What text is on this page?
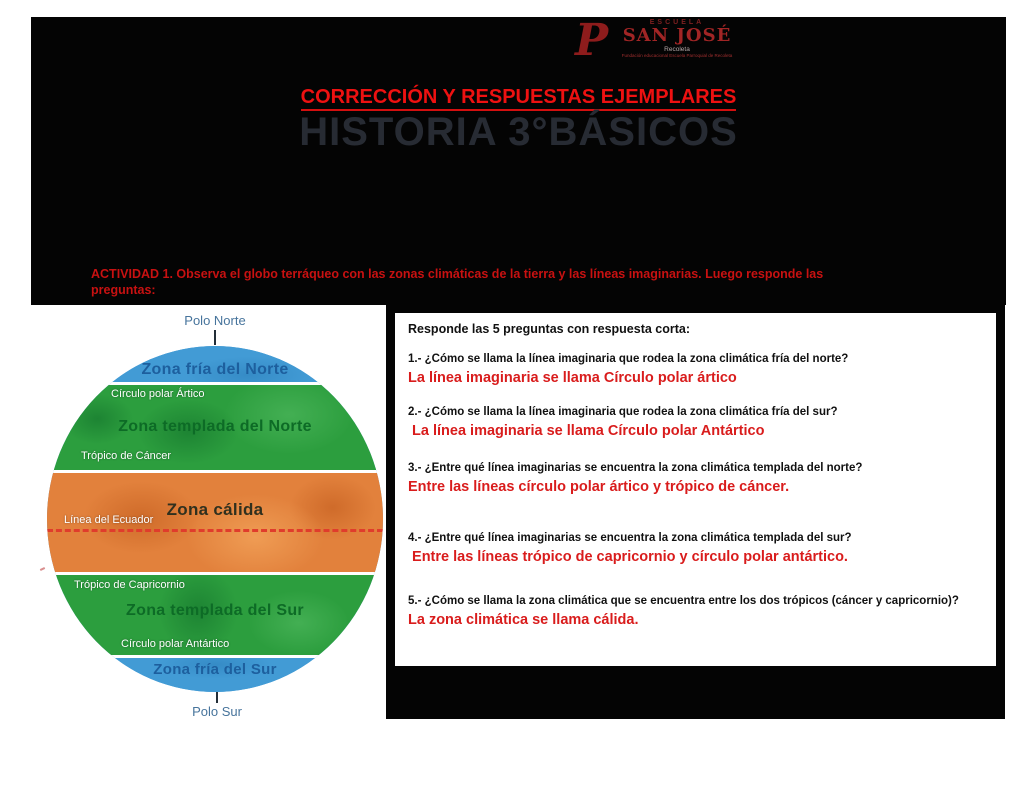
P	ESCUELA
SAN JOSÉ
Recoleta
Fundación educacional Escuela Parroquial de Recoleta
CORRECCIÓN Y RESPUESTAS EJEMPLARES
HISTORIA 3°BÁSICOS
ACTIVIDAD 1. Observa el globo terráqueo con las zonas climáticas de la tierra y las líneas imaginarias. Luego responde las preguntas:
Polo Norte
Zona fría del Norte
Zona templada del Norte
Zona cálida
Zona templada del Sur
Zona fría del Sur
Círculo polar Ártico
Trópico de Cáncer
Línea del Ecuador
Trópico de Capricornio
Círculo polar Antártico
Polo Sur
Responde las 5 preguntas con respuesta corta:
1.- ¿Cómo se llama la línea imaginaria que rodea la zona climática fría del norte?
La línea imaginaria se llama Círculo polar ártico
2.- ¿Cómo se llama la línea imaginaria que rodea la zona climática fría del sur?
La línea imaginaria se llama Círculo polar Antártico
3.- ¿Entre qué línea imaginarias se encuentra la zona climática templada del norte?
Entre las líneas círculo polar ártico y trópico de cáncer.
4.- ¿Entre qué línea imaginarias se encuentra la zona climática templada del sur?
Entre las líneas trópico de capricornio y círculo polar antártico.
5.- ¿Cómo se llama la zona climática que se encuentra entre los dos trópicos (cáncer y capricornio)?
La zona climática se llama cálida.
